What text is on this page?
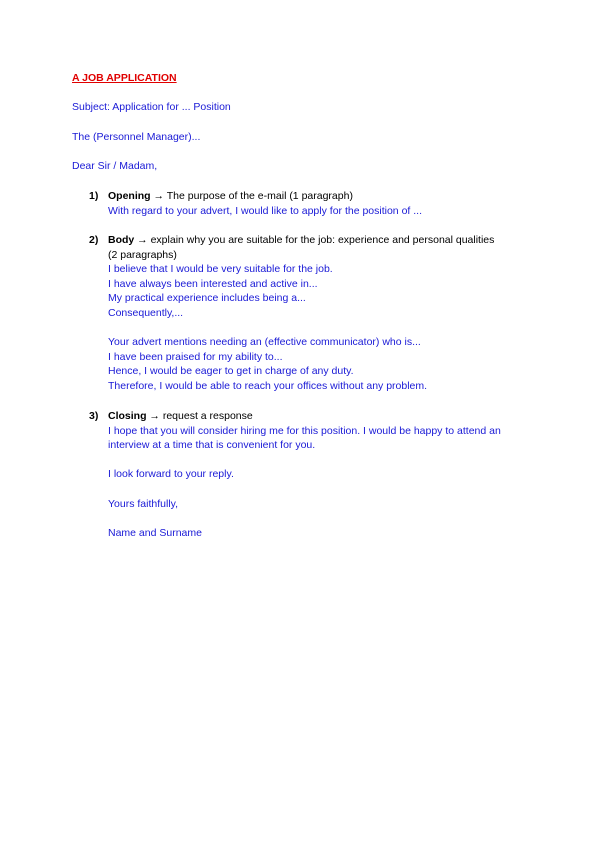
A JOB APPLICATION
Subject: Application for ... Position
The (Personnel Manager)...
Dear Sir / Madam,
1) Opening → The purpose of the e-mail (1 paragraph)
With regard to your advert, I would like to apply for the position of ...
2) Body → explain why you are suitable for the job: experience and personal qualities
(2 paragraphs)
I believe that I would be very suitable for the job.
I have always been interested and active in...
My practical experience includes being a...
Consequently,...
Your advert mentions needing an (effective communicator) who is...
I have been praised for my ability to...
Hence, I would be eager to get in charge of any duty.
Therefore, I would be able to reach your offices without any problem.
3) Closing → request a response
I hope that you will consider hiring me for this position. I would be happy to attend an
interview at a time that is convenient for you.
I look forward to your reply.
Yours faithfully,
Name and Surname
